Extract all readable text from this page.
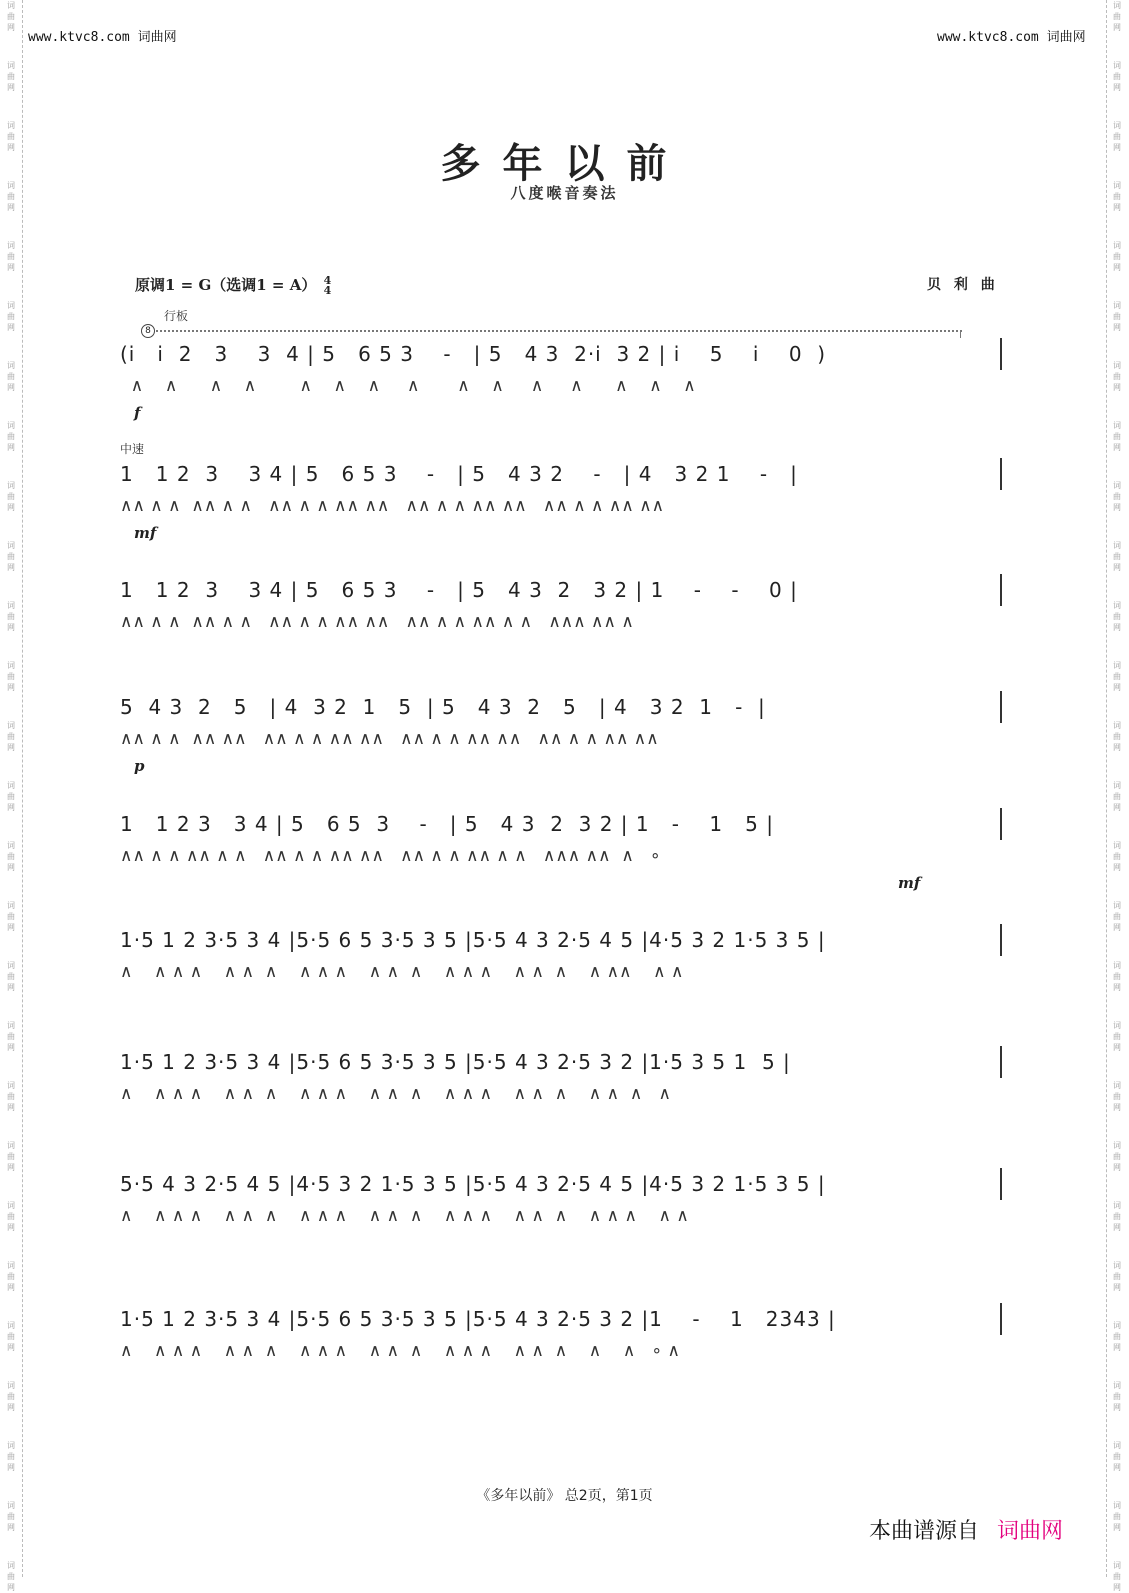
www.ktvc8.com 词曲网	www.ktvc8.com 词曲网
多年以前
八度喉音奏法
原调1 = G（选调1 = A） 4
4	贝 利 曲
行板
8
中速
(i   i  2   3    3  4 | 5   6 5 3    -   | 5   4 3  2·i  3 2 | i    5    i    0  )
∧    ∧      ∧    ∧        ∧    ∧    ∧     ∧       ∧    ∧     ∧     ∧      ∧    ∧    ∧
f
1   1 2  3    3 4 | 5   6 5 3    -   | 5   4 3 2    -   | 4   3 2 1    -   |
∧∧ ∧ ∧  ∧∧ ∧ ∧   ∧∧ ∧ ∧ ∧∧ ∧∧   ∧∧ ∧ ∧ ∧∧ ∧∧   ∧∧ ∧ ∧ ∧∧ ∧∧
mf
1   1 2  3    3 4 | 5   6 5 3    -   | 5   4 3  2   3 2 | 1    -    -    0 |
∧∧ ∧ ∧  ∧∧ ∧ ∧   ∧∧ ∧ ∧ ∧∧ ∧∧   ∧∧ ∧ ∧ ∧∧ ∧ ∧   ∧∧∧ ∧∧ ∧
5  4 3  2   5   | 4  3 2  1   5  | 5   4 3  2   5   | 4   3 2  1   -  |
∧∧ ∧ ∧  ∧∧ ∧∧   ∧∧ ∧ ∧ ∧∧ ∧∧   ∧∧ ∧ ∧ ∧∧ ∧∧   ∧∧ ∧ ∧ ∧∧ ∧∧
p
1   1 2 3   3 4 | 5   6 5  3    -   | 5   4 3  2  3 2 | 1   -    1   5 |
∧∧ ∧ ∧ ∧∧ ∧ ∧   ∧∧ ∧ ∧ ∧∧ ∧∧   ∧∧ ∧ ∧ ∧∧ ∧ ∧   ∧∧∧ ∧∧  ∧   ∘
mf
1·5 1 2 3·5 3 4 |5·5 6 5 3·5 3 5 |5·5 4 3 2·5 4 5 |4·5 3 2 1·5 3 5 |
∧    ∧ ∧ ∧    ∧ ∧  ∧    ∧ ∧ ∧    ∧ ∧  ∧    ∧ ∧ ∧    ∧ ∧  ∧    ∧ ∧∧    ∧ ∧
1·5 1 2 3·5 3 4 |5·5 6 5 3·5 3 5 |5·5 4 3 2·5 3 2 |1·5 3 5 1  5 |
∧    ∧ ∧ ∧    ∧ ∧  ∧    ∧ ∧ ∧    ∧ ∧  ∧    ∧ ∧ ∧    ∧ ∧  ∧    ∧ ∧  ∧   ∧
5·5 4 3 2·5 4 5 |4·5 3 2 1·5 3 5 |5·5 4 3 2·5 4 5 |4·5 3 2 1·5 3 5 |
∧    ∧ ∧ ∧    ∧ ∧  ∧    ∧ ∧ ∧    ∧ ∧  ∧    ∧ ∧ ∧    ∧ ∧  ∧    ∧ ∧ ∧    ∧ ∧
1·5 1 2 3·5 3 4 |5·5 6 5 3·5 3 5 |5·5 4 3 2·5 3 2 |1    -    1   2343 |
∧    ∧ ∧ ∧    ∧ ∧  ∧    ∧ ∧ ∧    ∧ ∧  ∧    ∧ ∧ ∧    ∧ ∧  ∧    ∧    ∧   ∘ ∧
《多年以前》 总2页，第1页
本曲谱源自 词曲网
词
曲
网
词
曲
网
词
曲
网
词
曲
网
词
曲
网
词
曲
网
词
曲
网
词
曲
网
词
曲
网
词
曲
网
词
曲
网
词
曲
网
词
曲
网
词
曲
网
词
曲
网
词
曲
网
词
曲
网
词
曲
网
词
曲
网
词
曲
网
词
曲
网
词
曲
网
词
曲
网
词
曲
网
词
曲
网
词
曲
网
词
曲
网
词
曲
网
词
曲
网
词
曲
网
词
曲
网
词
曲
网
词
曲
网
词
曲
网
词
曲
网
词
曲
网
词
曲
网
词
曲
网
词
曲
网
词
曲
网
词
曲
网
词
曲
网
词
曲
网
词
曲
网
词
曲
网
词
曲
网
词
曲
网
词
曲
网
词
曲
网
词
曲
网
词
曲
网
词
曲
网
词
曲
网
词
曲
网
